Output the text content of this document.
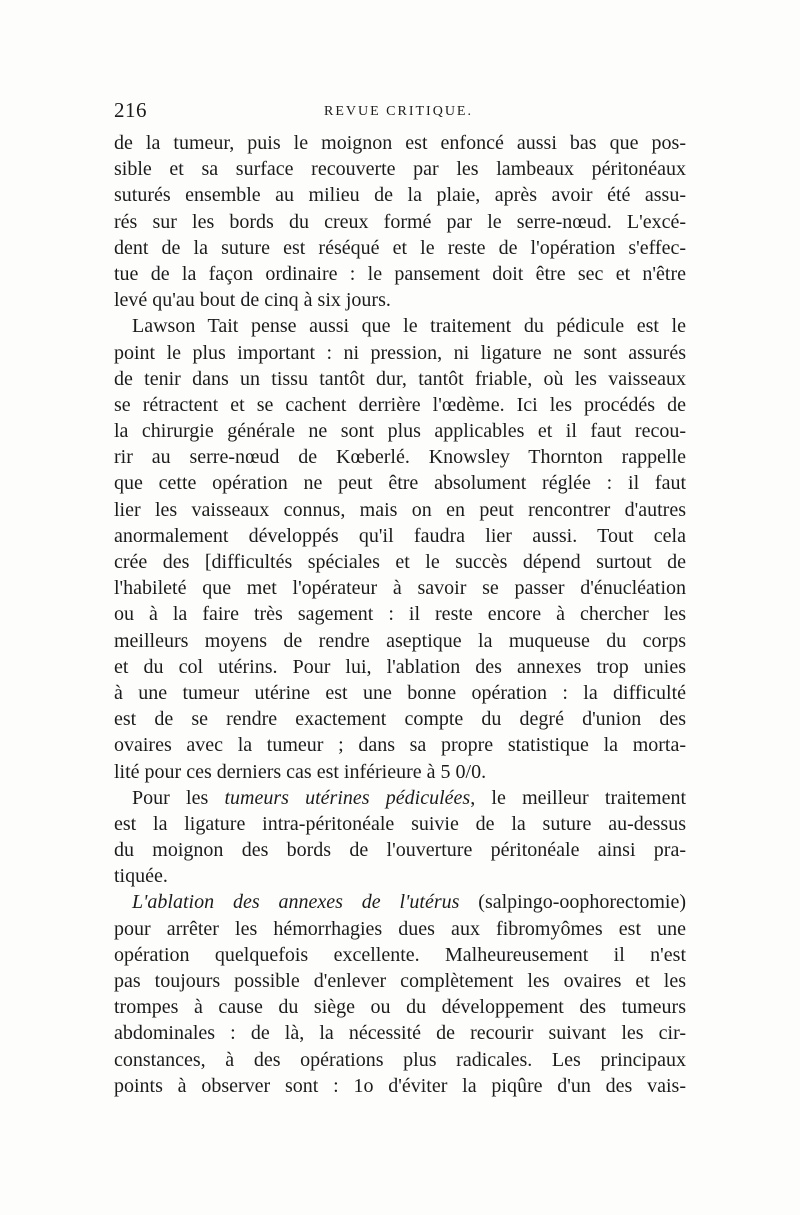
216	REVUE CRITIQUE.
de la tumeur, puis le moignon est enfoncé aussi bas que pos-
sible et sa surface recouverte par les lambeaux péritonéaux
suturés ensemble au milieu de la plaie, après avoir été assu-
rés sur les bords du creux formé par le serre-nœud. L'excé-
dent de la suture est réséqué et le reste de l'opération s'effec-
tue de la façon ordinaire : le pansement doit être sec et n'être
levé qu'au bout de cinq à six jours.
Lawson Tait pense aussi que le traitement du pédicule est le
point le plus important : ni pression, ni ligature ne sont assurés
de tenir dans un tissu tantôt dur, tantôt friable, où les vaisseaux
se rétractent et se cachent derrière l'œdème. Ici les procédés de
la chirurgie générale ne sont plus applicables et il faut recou-
rir au serre-nœud de Kœberlé. Knowsley Thornton rappelle
que cette opération ne peut être absolument réglée : il faut
lier les vaisseaux connus, mais on en peut rencontrer d'autres
anormalement développés qu'il faudra lier aussi. Tout cela
crée des [difficultés spéciales et le succès dépend surtout de
l'habileté que met l'opérateur à savoir se passer d'énucléation
ou à la faire très sagement : il reste encore à chercher les
meilleurs moyens de rendre aseptique la muqueuse du corps
et du col utérins. Pour lui, l'ablation des annexes trop unies
à une tumeur utérine est une bonne opération : la difficulté
est de se rendre exactement compte du degré d'union des
ovaires avec la tumeur ; dans sa propre statistique la morta-
lité pour ces derniers cas est inférieure à 5 0/0.
Pour les tumeurs utérines pédiculées, le meilleur traitement
est la ligature intra-péritonéale suivie de la suture au-dessus
du moignon des bords de l'ouverture péritonéale ainsi pra-
tiquée.
L'ablation des annexes de l'utérus (salpingo-oophorectomie)
pour arrêter les hémorrhagies dues aux fibromyômes est une
opération quelquefois excellente. Malheureusement il n'est
pas toujours possible d'enlever complètement les ovaires et les
trompes à cause du siège ou du développement des tumeurs
abdominales : de là, la nécessité de recourir suivant les cir-
constances, à des opérations plus radicales. Les principaux
points à observer sont : 1o d'éviter la piqûre d'un des vais-
